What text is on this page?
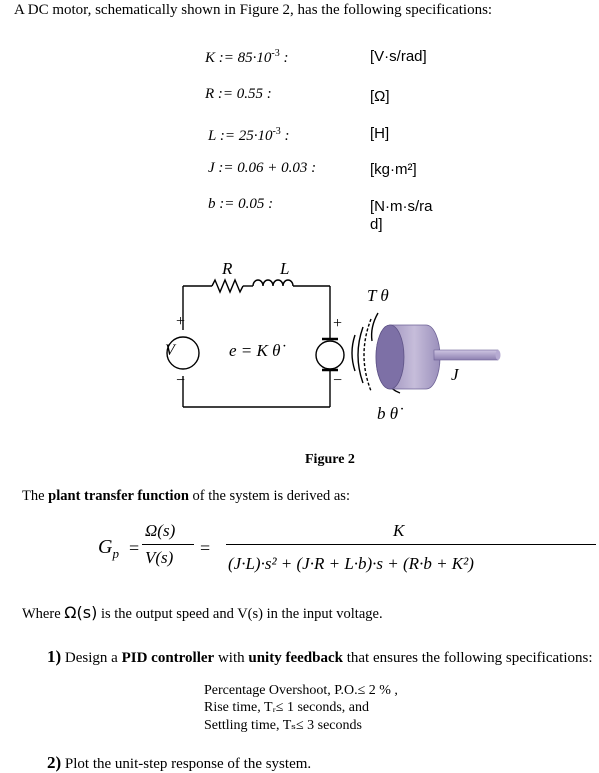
A DC motor, schematically shown in Figure 2, has the following specifications:
K := $85\cdot 10^{-3}$ :	[V·s/rad]
R := 0.55 :	[Ω]
L := $25\cdot 10^{-3}$ :	[H]
J := 0.06 + 0.03 :	[kg·m²]
b := 0.05 :	[N·m·s/ra
d]
R	L
V
+
−
e = K θ̇
+
−
T θ
J
b θ̇
Figure 2
The plant transfer function of the system is derived as:
$G_p$ =
Ω(s)
V(s) =
K
(J·L)·s² + (J·R + L·b)·s + (R·b + K²)
Where Ω(s) is the output speed and V(s) in the input voltage.
1) Design a PID controller with unity feedback that ensures the following specifications:
Percentage Overshoot, P.O.≤ 2 % ,
Rise time, Tᵣ≤ 1 seconds, and
Settling time, Tₛ≤ 3 seconds
2) Plot the unit-step response of the system.
